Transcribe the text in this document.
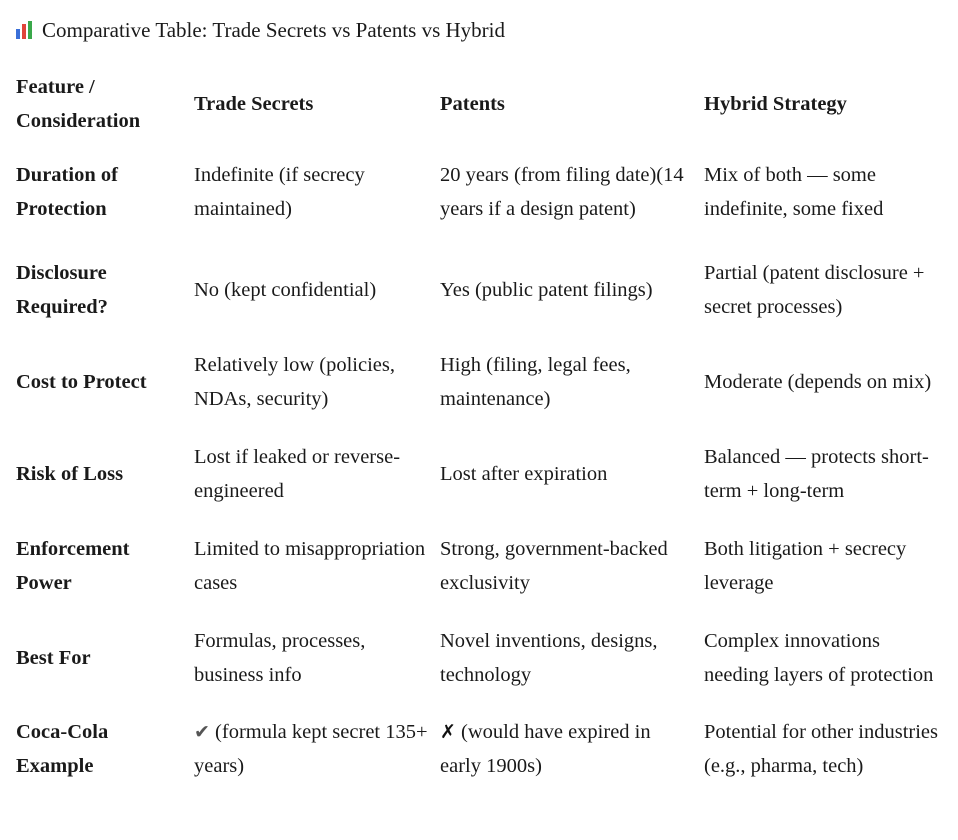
Comparative Table: Trade Secrets vs Patents vs Hybrid
Feature / Consideration	Trade Secrets	Patents	Hybrid Strategy
Duration of Protection	Indefinite (if secrecy maintained)	20 years (from filing date)(14 years if a design patent)	Mix of both — some indefinite, some fixed
Disclosure Required?	No (kept confidential)	Yes (public patent filings)	Partial (patent disclosure + secret processes)
Cost to Protect	Relatively low (policies, NDAs, security)	High (filing, legal fees, maintenance)	Moderate (depends on mix)
Risk of Loss	Lost if leaked or reverse-engineered	Lost after expiration	Balanced — protects short-term + long-term
Enforcement Power	Limited to misappropriation cases	Strong, government-backed exclusivity	Both litigation + secrecy leverage
Best For	Formulas, processes, business info	Novel inventions, designs, technology	Complex innovations needing layers of protection
Coca-Cola Example	✔ (formula kept secret 135+ years)	✗ (would have expired in early 1900s)	Potential for other industries (e.g., pharma, tech)
